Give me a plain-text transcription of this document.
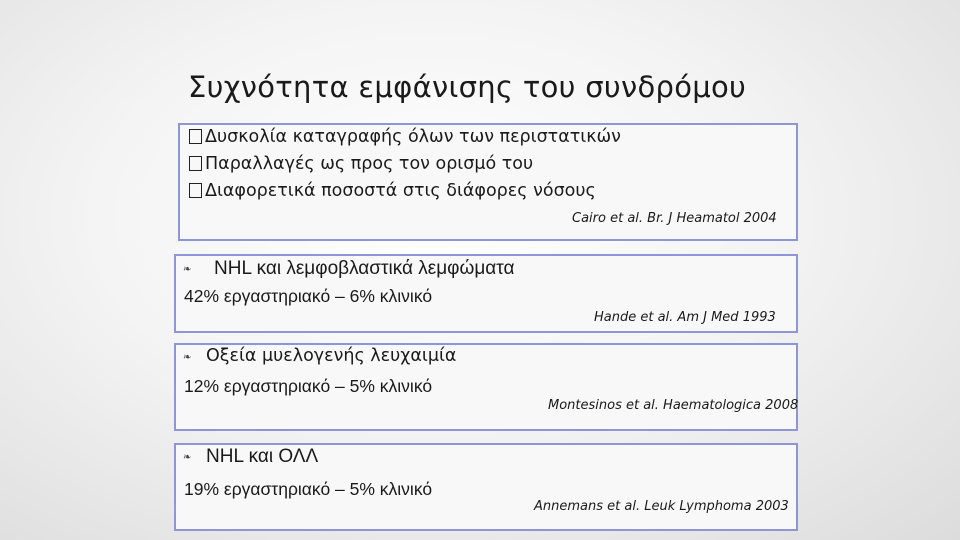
Συχνότητα εμφάνισης του συνδρόμου
Δυσκολία καταγραφής όλων των περιστατικών
Παραλλαγές ως προς τον ορισμό του
Διαφορετικά ποσοστά στις διάφορες νόσους
Cairo et al. Br. J Heamatol 2004
❧ NHL και λεμφοβλαστικά λεμφώματα
42% εργαστηριακό – 6% κλινικό
Hande et al. Am J Med 1993
❧ Οξεία μυελογενής λευχαιμία
12% εργαστηριακό – 5% κλινικό
Montesinos et al. Haematologica 2008
❧ NHL και ΟΛΛ
19% εργαστηριακό – 5% κλινικό
Annemans et al. Leuk Lymphoma 2003
